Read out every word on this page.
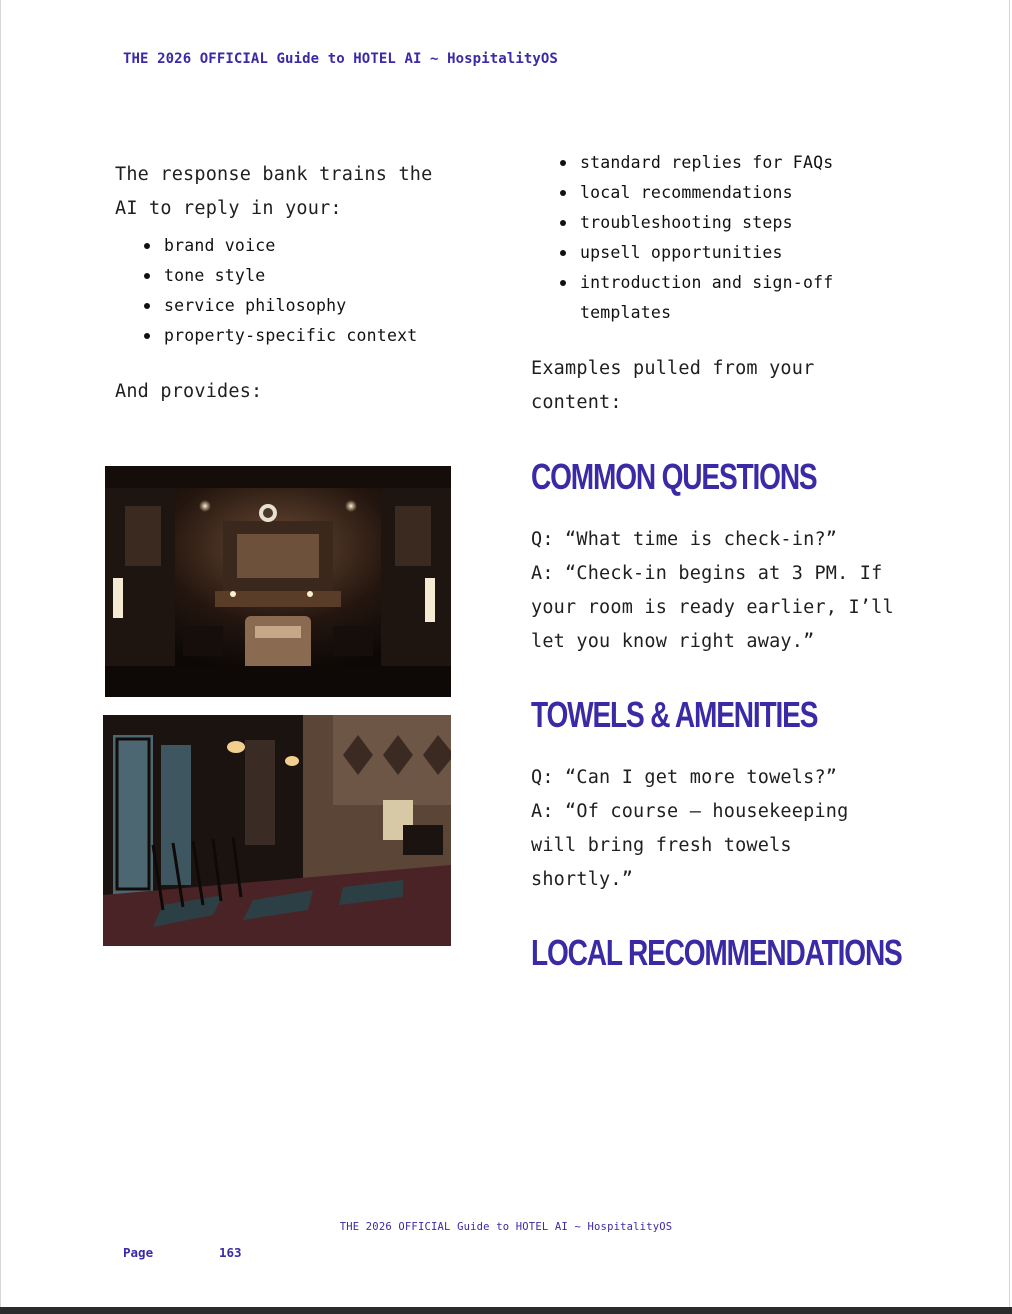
THE 2026 OFFICIAL Guide to HOTEL AI ~ HospitalityOS

The response bank trains the AI to reply in your:

brand voice
tone style
service philosophy
property-specific context

And provides:

standard replies for FAQs
local recommendations
troubleshooting steps
upsell opportunities
introduction and sign-off templates

Examples pulled from your content:

COMMON QUESTIONS

Q: “What time is check-in?”

A: “Check-in begins at 3 PM. If your room is ready earlier, I’ll let you know right away.”

TOWELS & AMENITIES

Q: “Can I get more towels?”

A: “Of course — housekeeping will bring fresh towels shortly.”

LOCAL RECOMMENDATIONS
THE 2026 OFFICIAL Guide to HOTEL AI ~ HospitalityOS
Page	163
